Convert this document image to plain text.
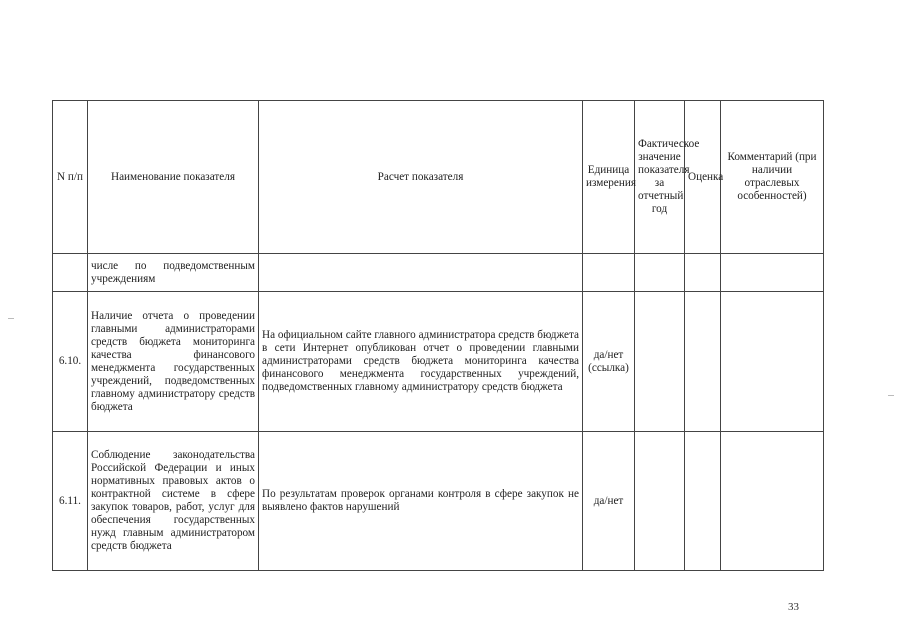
N п/п	Наименование показателя	Расчет показателя	Единица измерения	Фактическое значение показателя за отчетный год	Оценка	Комментарий (при наличии отраслевых особенностей)

	числе по подведомственным учреждениям					

6.10.	Наличие отчета о проведении главными администраторами средств бюджета мониторинга качества финансового менеджмента государственных учреждений, подведомственных главному администратору средств бюджета	На официальном сайте главного администратора средств бюджета в сети Интернет опубликован отчет о проведении главными администраторами средств бюджета мониторинга качества финансового менеджмента государственных учреждений, подведомственных главному администратору средств бюджета	да/нет (ссылка)			
6.11.	Соблюдение законодательства Российской Федерации и иных нормативных правовых актов о контрактной системе в сфере закупок товаров, работ, услуг для обеспечения государственных нужд главным администратором средств бюджета	По результатам проверок органами контроля в сфере закупок не выявлено фактов нарушений	да/нет			
33
